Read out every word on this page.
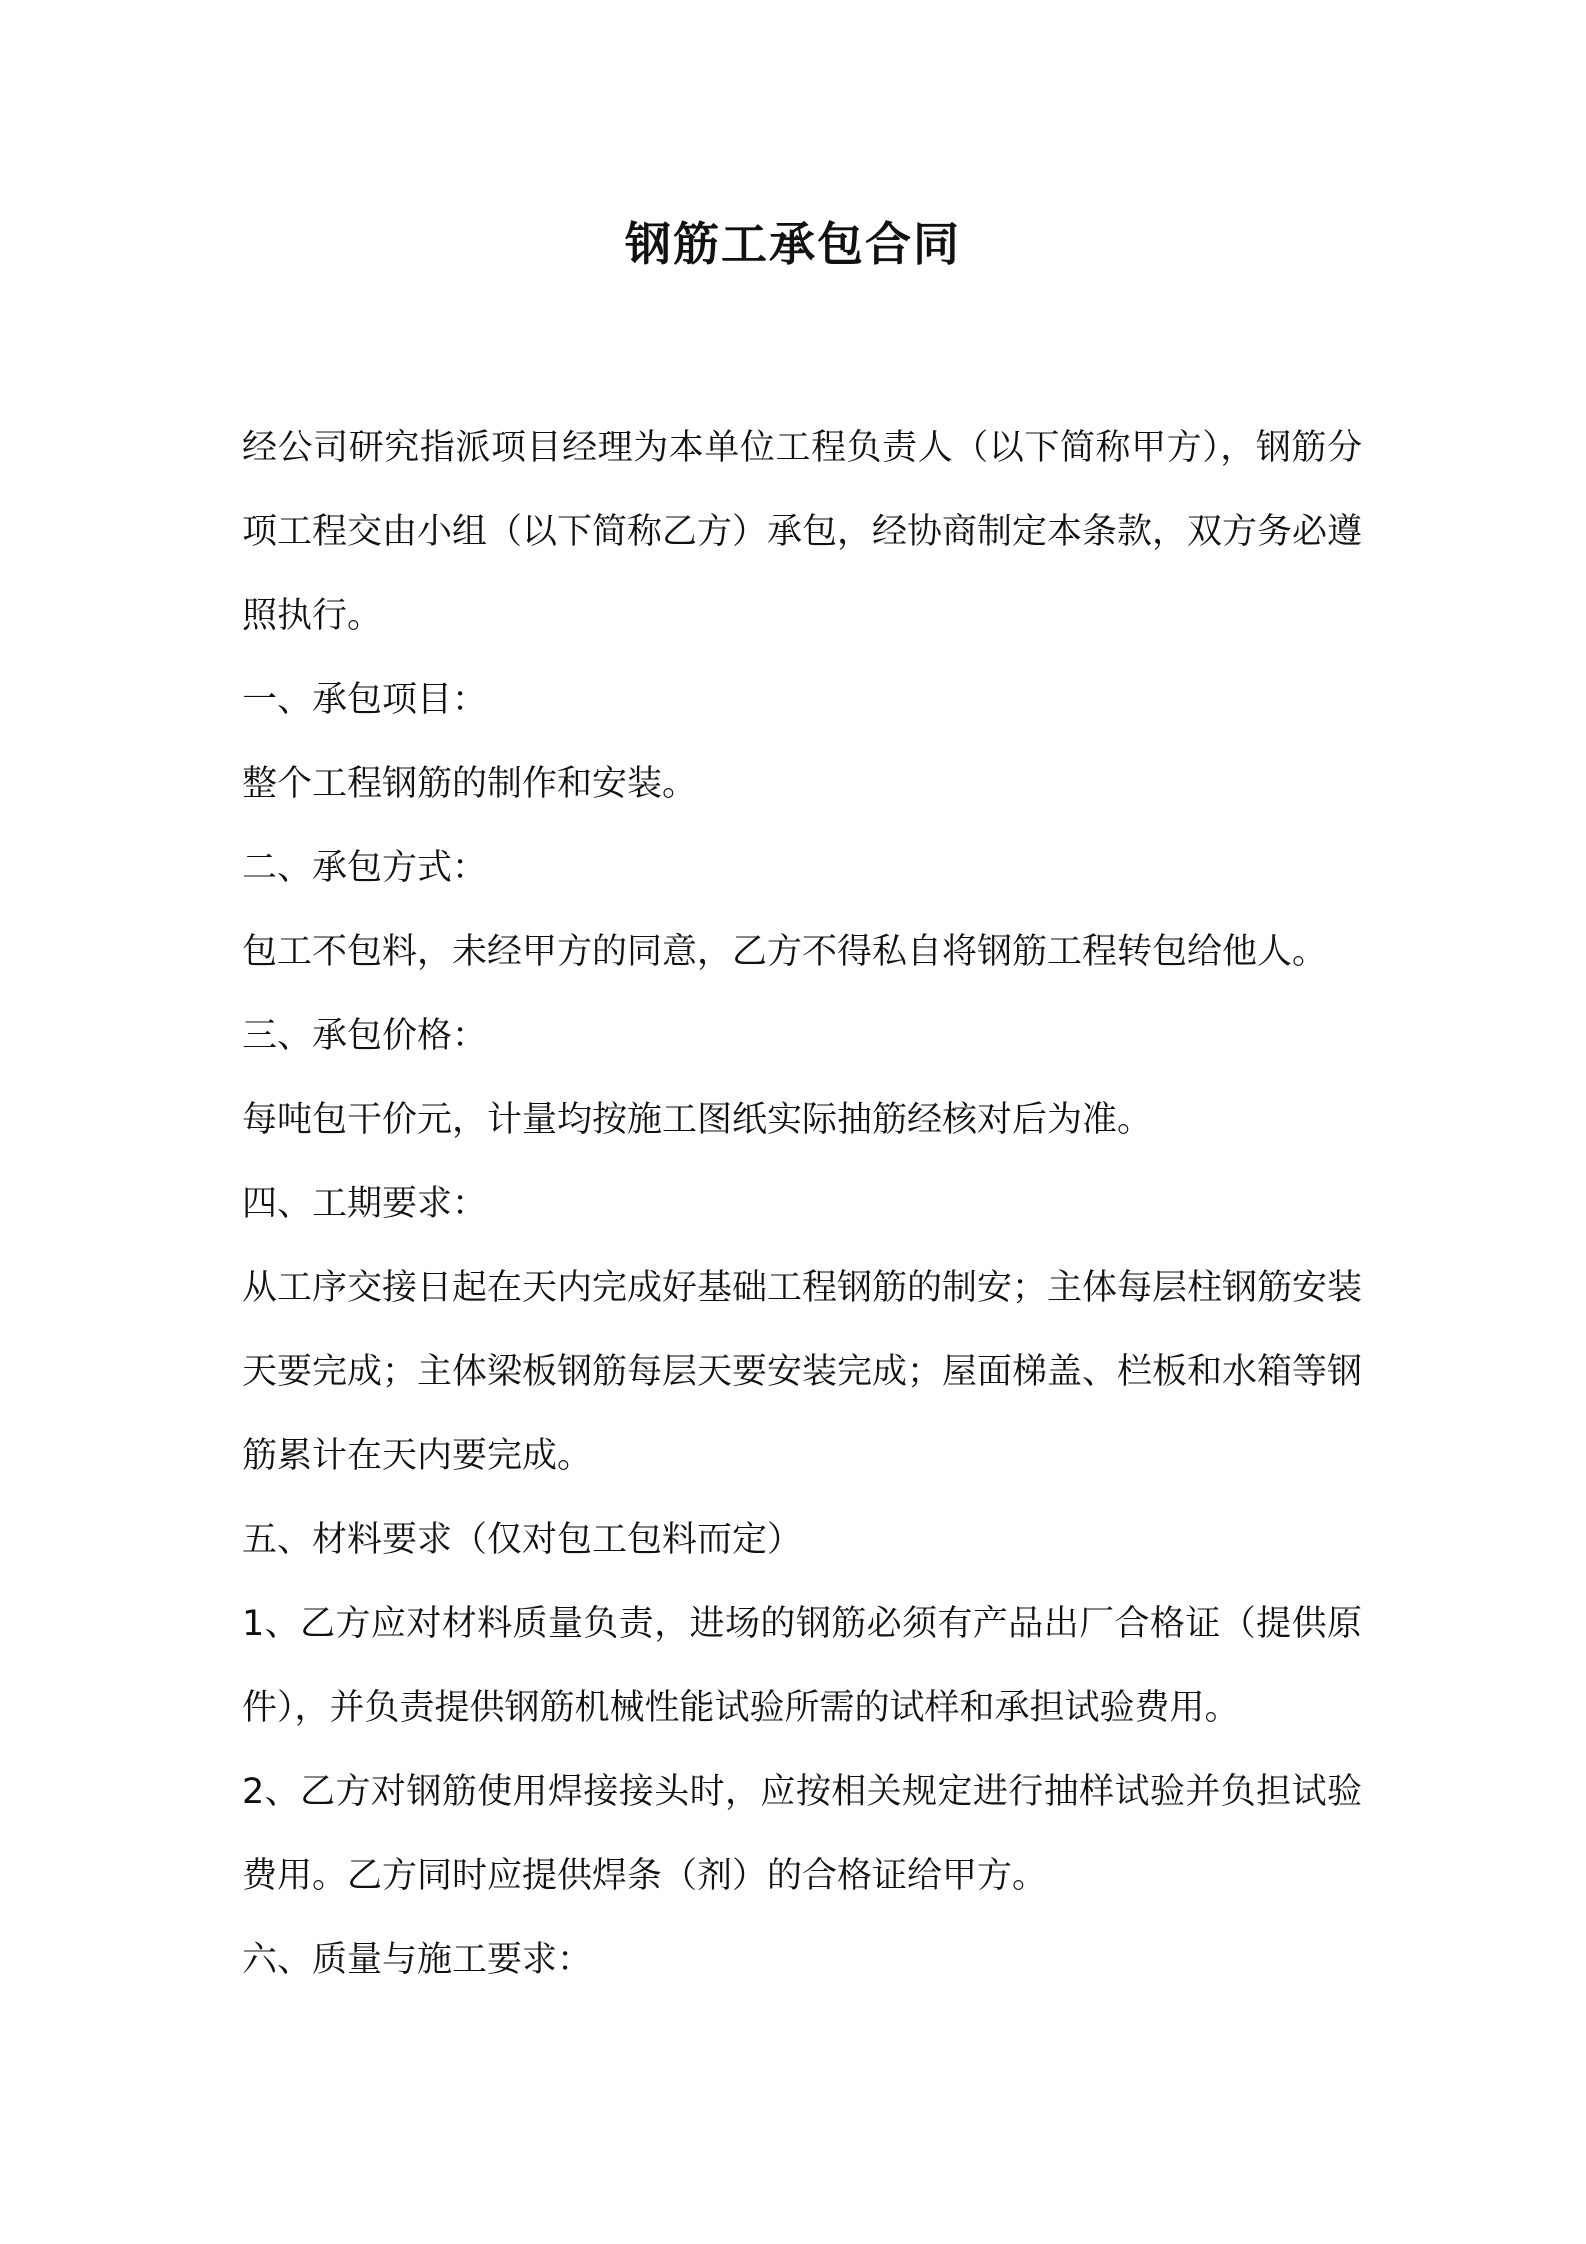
钢筋工承包合同

经公司研究指派项目经理为本单位工程负责人（以下简称甲方），钢筋分项工程交由小组（以下简称乙方）承包，经协商制定本条款，双方务必遵照执行。

一、承包项目：

整个工程钢筋的制作和安装。

二、承包方式：

包工不包料，未经甲方的同意，乙方不得私自将钢筋工程转包给他人。

三、承包价格：

每吨包干价元，计量均按施工图纸实际抽筋经核对后为准。

四、工期要求：

从工序交接日起在天内完成好基础工程钢筋的制安；主体每层柱钢筋安装天要完成；主体梁板钢筋每层天要安装完成；屋面梯盖、栏板和水箱等钢筋累计在天内要完成。

五、材料要求（仅对包工包料而定）

1、乙方应对材料质量负责，进场的钢筋必须有产品出厂合格证（提供原件），并负责提供钢筋机械性能试验所需的试样和承担试验费用。

2、乙方对钢筋使用焊接接头时，应按相关规定进行抽样试验并负担试验费用。乙方同时应提供焊条（剂）的合格证给甲方。

六、质量与施工要求：
